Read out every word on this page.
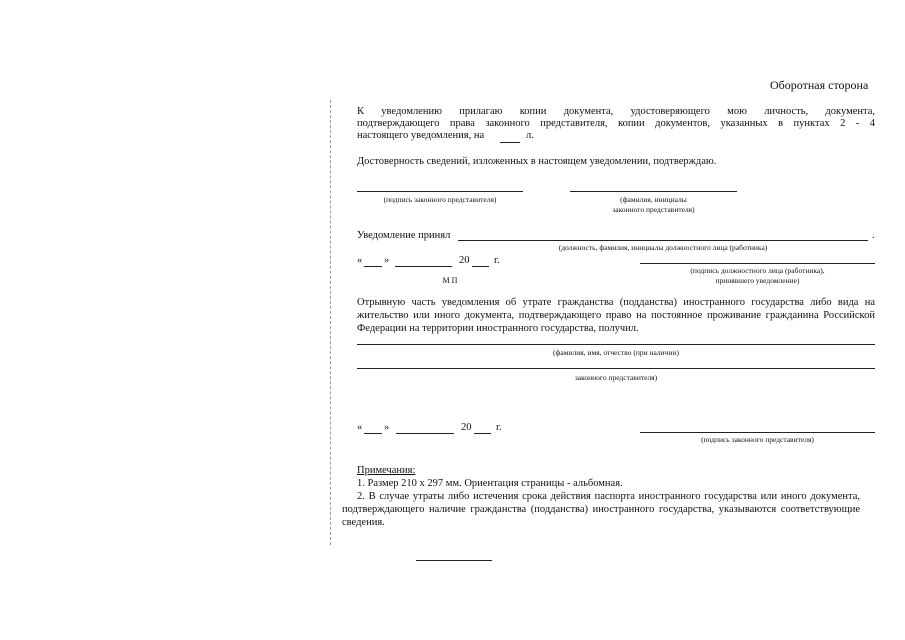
Оборотная сторона
К уведомлению прилагаю копии документа, удостоверяющего мою личность, документа,
подтверждающего права законного представителя, копии документов, указанных в пунктах 2 - 4
настоящего уведомления, на	л.
Достоверность сведений, изложенных в настоящем уведомлении, подтверждаю.
(подпись законного представителя)	(фамилия, инициалы
законного представителя)
Уведомление принял	.
(должность, фамилия, инициалы должностного лица (работника)
« »	20 г.
(подпись должностного лица (работника),
принявшего уведомление)
М П
Отрывную часть уведомления об утрате гражданства (подданства) иностранного государства либо вида на
жительство или иного документа, подтверждающего право на постоянное проживание гражданина Российской
Федерации на территории иностранного государства, получил.
(фамилия, имя, отчество (при наличии)
законного представителя)
« »	20 г.
(подпись законного представителя)
Примечания:
1. Размер 210 х 297 мм. Ориентация страницы - альбомная.
2. В случае утраты либо истечения срока действия паспорта иностранного государства или иного документа,
подтверждающего наличие гражданства (подданства) иностранного государства, указываются соответствующие
сведения.
